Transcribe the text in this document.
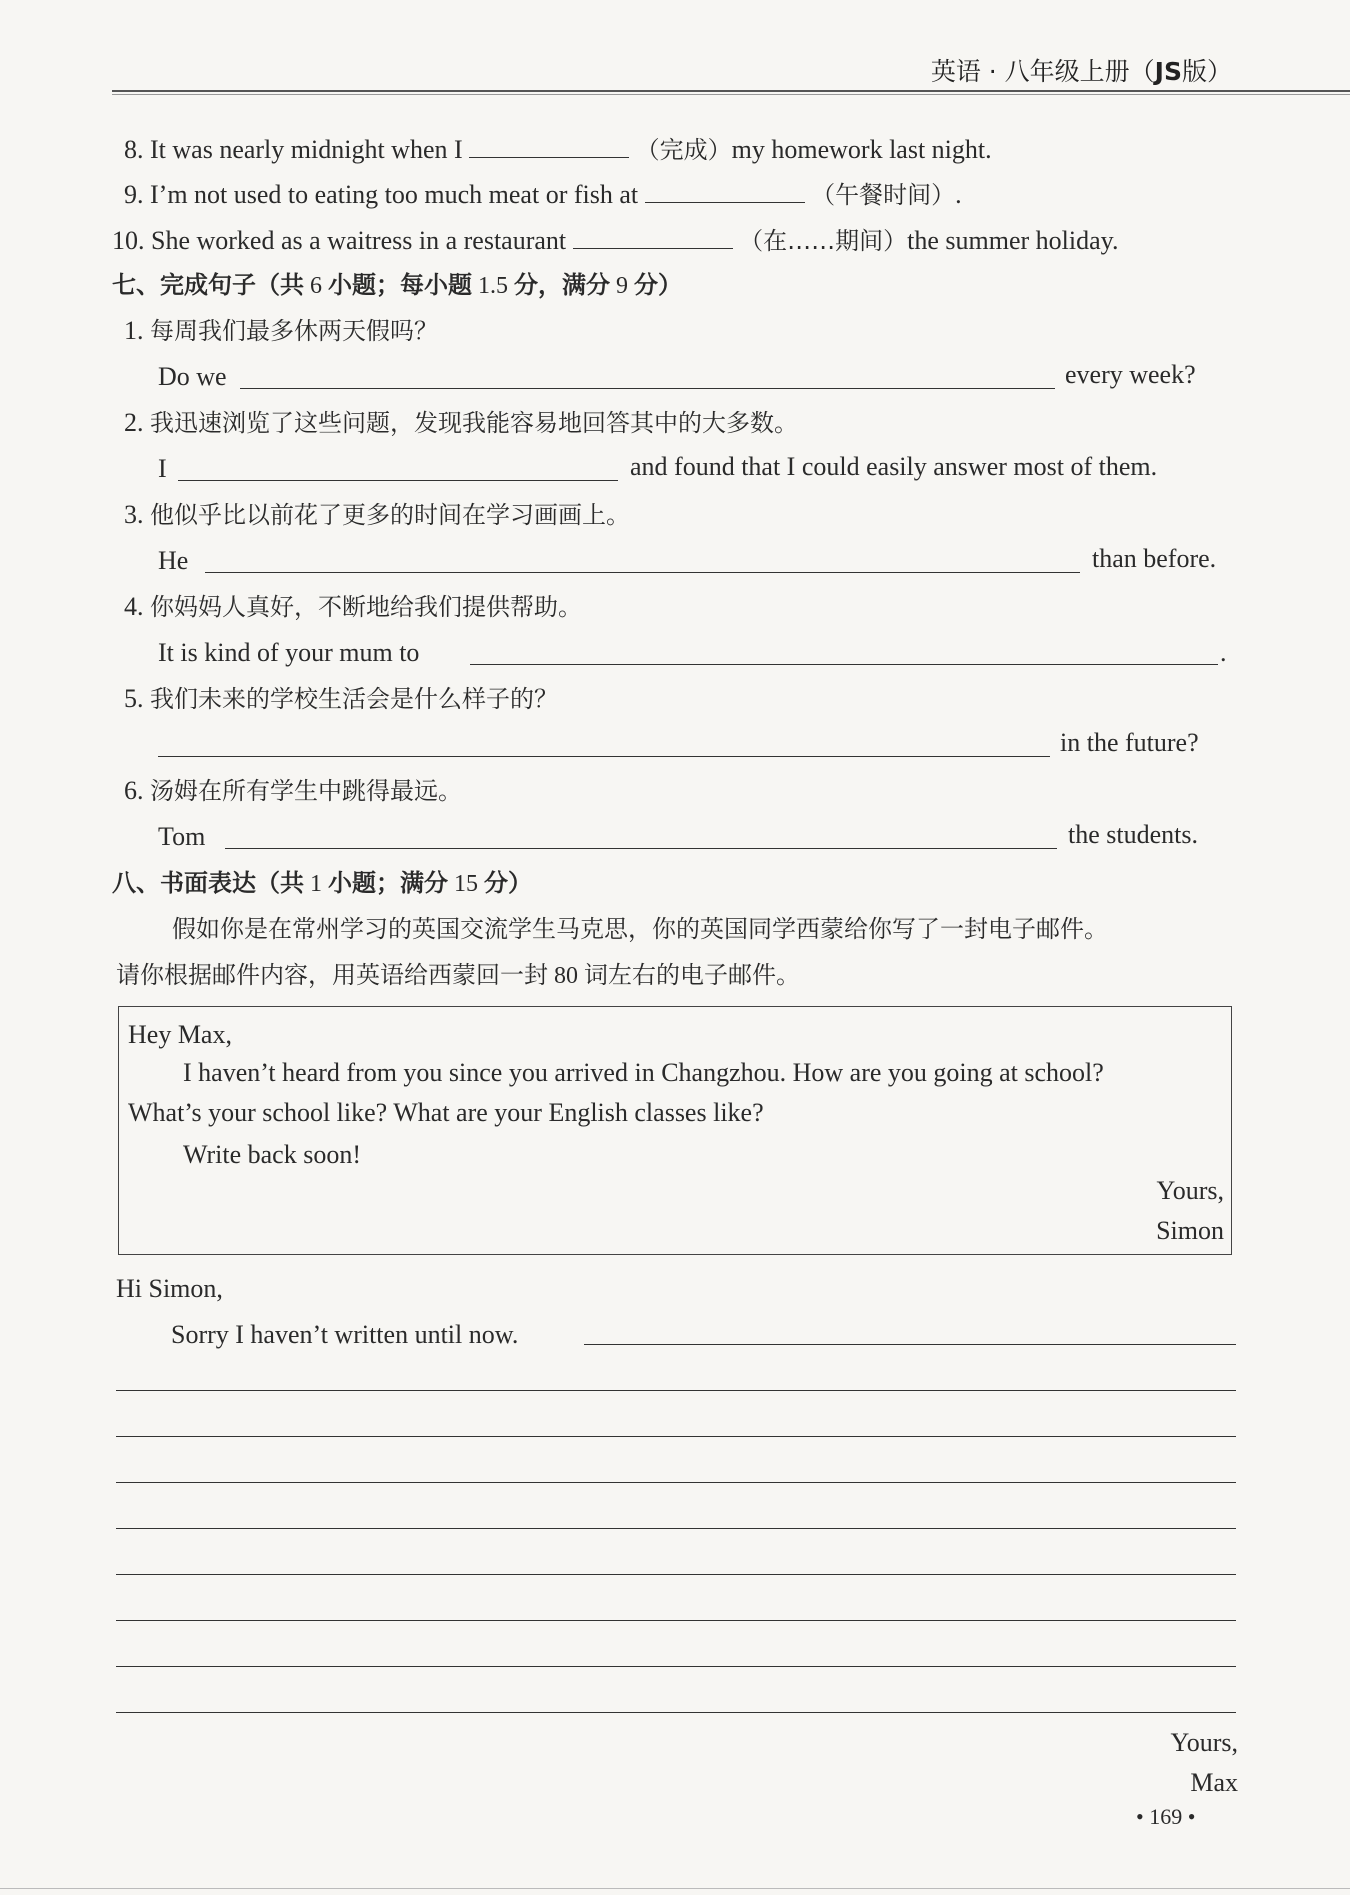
英语 · 八年级上册（JS版）
8. It was nearly midnight when I	（完成）my homework last night.
9. I’m not used to eating too much meat or fish at	（午餐时间）.
10. She worked as a waitress in a restaurant	（在……期间）the summer holiday.
七、完成句子（共 6 小题；每小题 1.5 分，满分 9 分）
1. 每周我们最多休两天假吗？
Do we	every week?
2. 我迅速浏览了这些问题，发现我能容易地回答其中的大多数。
I	and found that I could easily answer most of them.
3. 他似乎比以前花了更多的时间在学习画画上。
He	than before.
4. 你妈妈人真好，不断地给我们提供帮助。
It is kind of your mum to	.
5. 我们未来的学校生活会是什么样子的？
in the future?
6. 汤姆在所有学生中跳得最远。
Tom	the students.
八、书面表达（共 1 小题；满分 15 分）
假如你是在常州学习的英国交流学生马克思，你的英国同学西蒙给你写了一封电子邮件。
请你根据邮件内容，用英语给西蒙回一封 80 词左右的电子邮件。
Hey Max,
I haven’t heard from you since you arrived in Changzhou. How are you going at school?
What’s your school like? What are your English classes like?
Write back soon!
Yours,
Simon
Hi Simon,
Sorry I haven’t written until now.
Yours,
Max
• 169 •
